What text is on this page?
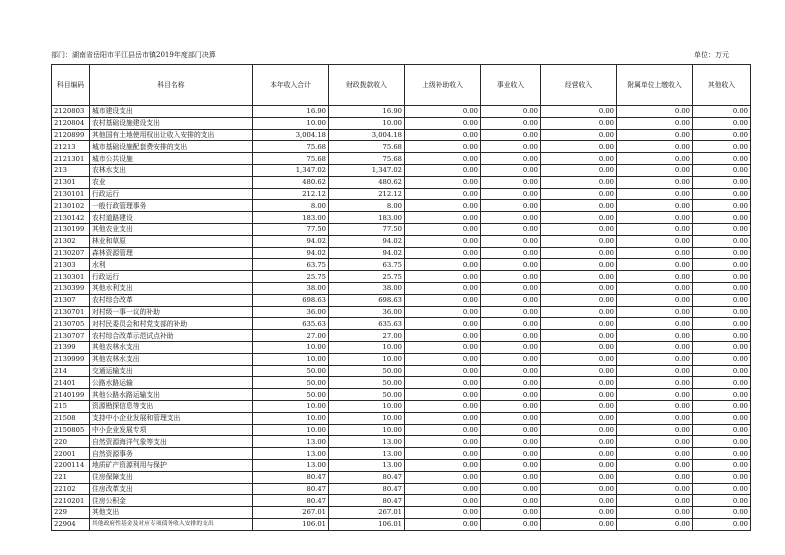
部门：湖南省岳阳市平江县岳市镇2019年度部门决算	单位：万元
科目编码	科目名称	本年收入合计	财政拨款收入	上级补助收入	事业收入	经营收入	附属单位上缴收入	其他收入
2120803	城市建设支出	16.90	16.90	0.00	0.00	0.00	0.00	0.00
2120804	农村基础设施建设支出	10.00	10.00	0.00	0.00	0.00	0.00	0.00
2120899	其他国有土地使用权出让收入安排的支出	3,004.18	3,004.18	0.00	0.00	0.00	0.00	0.00
21213	城市基础设施配套费安排的支出	75.68	75.68	0.00	0.00	0.00	0.00	0.00
2121301	城市公共设施	75.68	75.68	0.00	0.00	0.00	0.00	0.00
213	农林水支出	1,347.02	1,347.02	0.00	0.00	0.00	0.00	0.00
21301	农业	480.62	480.62	0.00	0.00	0.00	0.00	0.00
2130101	行政运行	212.12	212.12	0.00	0.00	0.00	0.00	0.00
2130102	一般行政管理事务	8.00	8.00	0.00	0.00	0.00	0.00	0.00
2130142	农村道路建设	183.00	183.00	0.00	0.00	0.00	0.00	0.00
2130199	其他农业支出	77.50	77.50	0.00	0.00	0.00	0.00	0.00
21302	林业和草原	94.02	94.02	0.00	0.00	0.00	0.00	0.00
2130207	森林资源管理	94.02	94.02	0.00	0.00	0.00	0.00	0.00
21303	水利	63.75	63.75	0.00	0.00	0.00	0.00	0.00
2130301	行政运行	25.75	25.75	0.00	0.00	0.00	0.00	0.00
2130399	其他水利支出	38.00	38.00	0.00	0.00	0.00	0.00	0.00
21307	农村综合改革	698.63	698.63	0.00	0.00	0.00	0.00	0.00
2130701	对村级一事一议的补助	36.00	36.00	0.00	0.00	0.00	0.00	0.00
2130705	对村民委员会和村党支部的补助	635.63	635.63	0.00	0.00	0.00	0.00	0.00
2130707	农村综合改革示范试点补助	27.00	27.00	0.00	0.00	0.00	0.00	0.00
21399	其他农林水支出	10.00	10.00	0.00	0.00	0.00	0.00	0.00
2139999	其他农林水支出	10.00	10.00	0.00	0.00	0.00	0.00	0.00
214	交通运输支出	50.00	50.00	0.00	0.00	0.00	0.00	0.00
21401	公路水路运输	50.00	50.00	0.00	0.00	0.00	0.00	0.00
2140199	其他公路水路运输支出	50.00	50.00	0.00	0.00	0.00	0.00	0.00
215	资源勘探信息等支出	10.00	10.00	0.00	0.00	0.00	0.00	0.00
21508	支持中小企业发展和管理支出	10.00	10.00	0.00	0.00	0.00	0.00	0.00
2150805	中小企业发展专项	10.00	10.00	0.00	0.00	0.00	0.00	0.00
220	自然资源海洋气象等支出	13.00	13.00	0.00	0.00	0.00	0.00	0.00
22001	自然资源事务	13.00	13.00	0.00	0.00	0.00	0.00	0.00
2200114	地质矿产资源利用与保护	13.00	13.00	0.00	0.00	0.00	0.00	0.00
221	住房保障支出	80.47	80.47	0.00	0.00	0.00	0.00	0.00
22102	住房改革支出	80.47	80.47	0.00	0.00	0.00	0.00	0.00
2210201	住房公积金	80.47	80.47	0.00	0.00	0.00	0.00	0.00
229	其他支出	267.01	267.01	0.00	0.00	0.00	0.00	0.00
22904	其他政府性基金及对应专项债务收入安排的支出	106.01	106.01	0.00	0.00	0.00	0.00	0.00
